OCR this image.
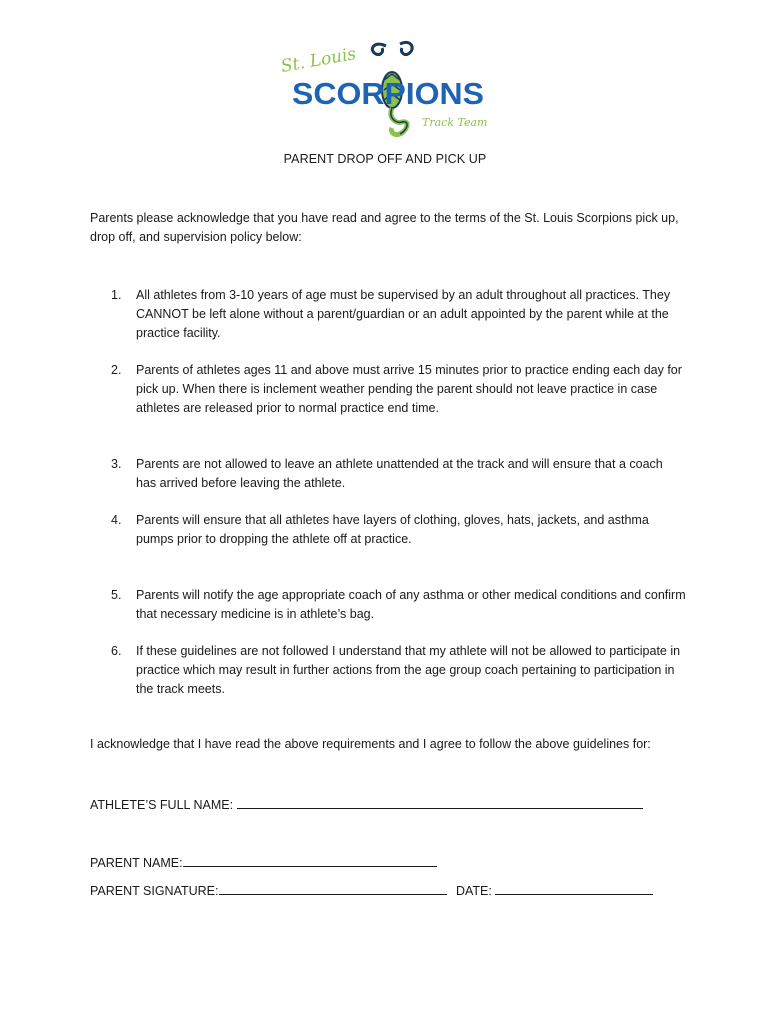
St. Louis
SCORPIONS
Track Team
PARENT DROP OFF AND PICK UP
Parents please acknowledge that you have read and agree to the terms of the St. Louis Scorpions pick up, drop off, and supervision policy below:
1.	All athletes from 3-10 years of age must be supervised by an adult throughout all practices. They CANNOT be left alone without a parent/guardian or an adult appointed by the parent while at the practice facility.
2.	Parents of athletes ages 11 and above must arrive 15 minutes prior to practice ending each day for pick up. When there is inclement weather pending the parent should not leave practice in case athletes are released prior to normal practice end time.
3.	Parents are not allowed to leave an athlete unattended at the track and will ensure that a coach has arrived before leaving the athlete.
4.	Parents will ensure that all athletes have layers of clothing, gloves, hats, jackets, and asthma pumps prior to dropping the athlete off at practice.
5.	Parents will notify the age appropriate coach of any asthma or other medical conditions and confirm that necessary medicine is in athlete’s bag.
6.	If these guidelines are not followed I understand that my athlete will not be allowed to participate in practice which may result in further actions from the age group coach pertaining to participation in the track meets.
I acknowledge that I have read the above requirements and I agree to follow the above guidelines for:
ATHLETE’S FULL NAME:
PARENT NAME:
PARENT SIGNATURE:	DATE:
